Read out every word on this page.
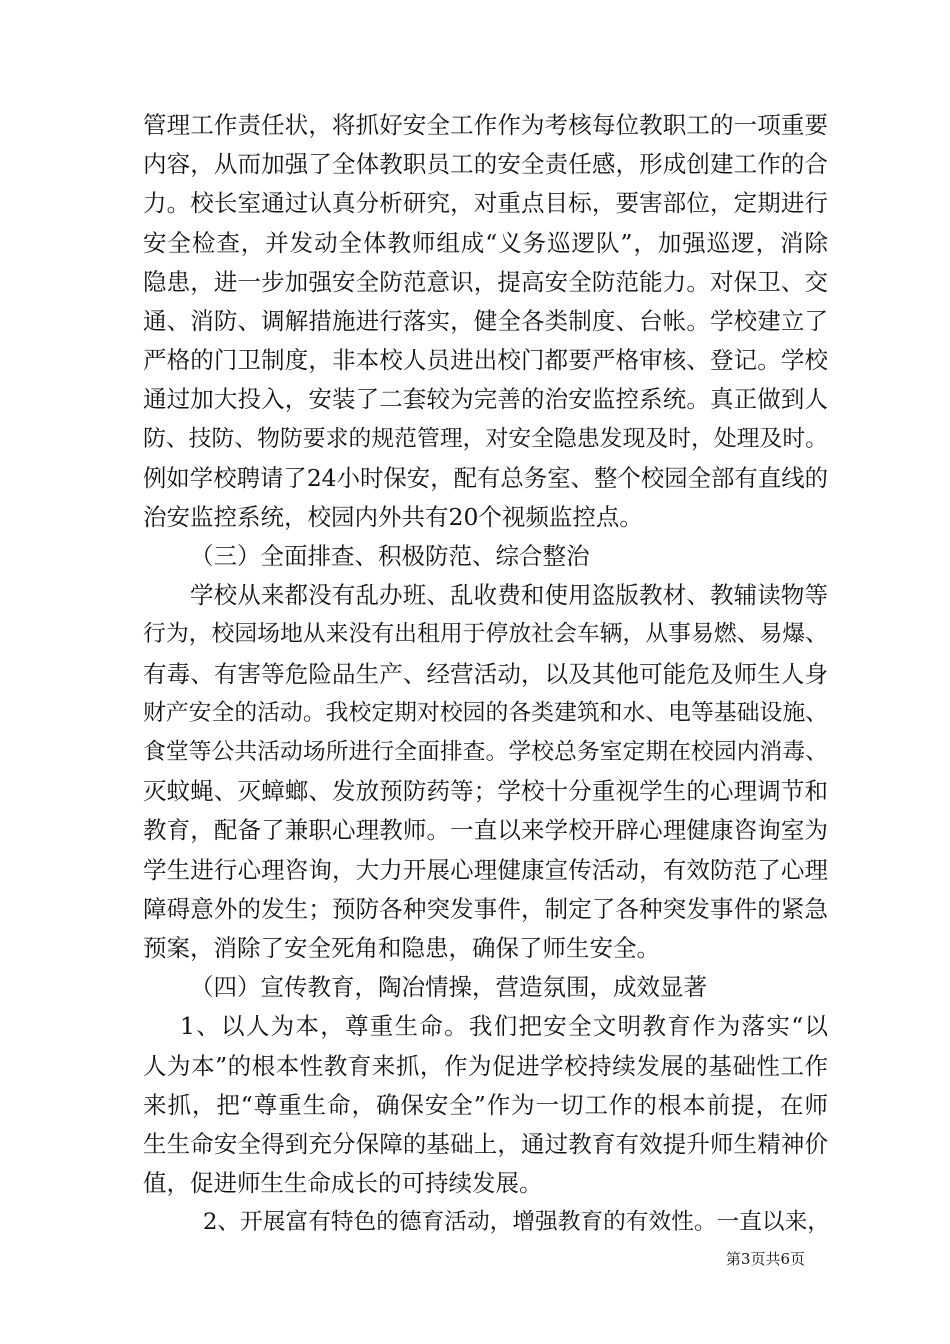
管理工作责任状，将抓好安全工作作为考核每位教职工的一项重要
内容，从而加强了全体教职员工的安全责任感，形成创建工作的合
力。校长室通过认真分析研究，对重点目标，要害部位，定期进行
安全检查，并发动全体教师组成“义务巡逻队”，加强巡逻，消除
隐患，进一步加强安全防范意识，提高安全防范能力。对保卫、交
通、消防、调解措施进行落实，健全各类制度、台帐。学校建立了
严格的门卫制度，非本校人员进出校门都要严格审核、登记。学校
通过加大投入，安装了二套较为完善的治安监控系统。真正做到人
防、技防、物防要求的规范管理，对安全隐患发现及时，处理及时。
例如学校聘请了24小时保安，配有总务室、整个校园全部有直线的
治安监控系统，校园内外共有20个视频监控点。
（三）全面排查、积极防范、综合整治
学校从来都没有乱办班、乱收费和使用盗版教材、教辅读物等
行为，校园场地从来没有出租用于停放社会车辆，从事易燃、易爆、
有毒、有害等危险品生产、经营活动，以及其他可能危及师生人身
财产安全的活动。我校定期对校园的各类建筑和水、电等基础设施、
食堂等公共活动场所进行全面排查。学校总务室定期在校园内消毒、
灭蚊蝇、灭蟑螂、发放预防药等；学校十分重视学生的心理调节和
教育，配备了兼职心理教师。一直以来学校开辟心理健康咨询室为
学生进行心理咨询，大力开展心理健康宣传活动，有效防范了心理
障碍意外的发生；预防各种突发事件，制定了各种突发事件的紧急
预案，消除了安全死角和隐患，确保了师生安全。
（四）宣传教育，陶冶情操，营造氛围，成效显著
1、以人为本，尊重生命。我们把安全文明教育作为落实“以
人为本”的根本性教育来抓，作为促进学校持续发展的基础性工作
来抓，把“尊重生命，确保安全”作为一切工作的根本前提，在师
生生命安全得到充分保障的基础上，通过教育有效提升师生精神价
值，促进师生生命成长的可持续发展。
2、开展富有特色的德育活动，增强教育的有效性。一直以来，
第3页共6页
